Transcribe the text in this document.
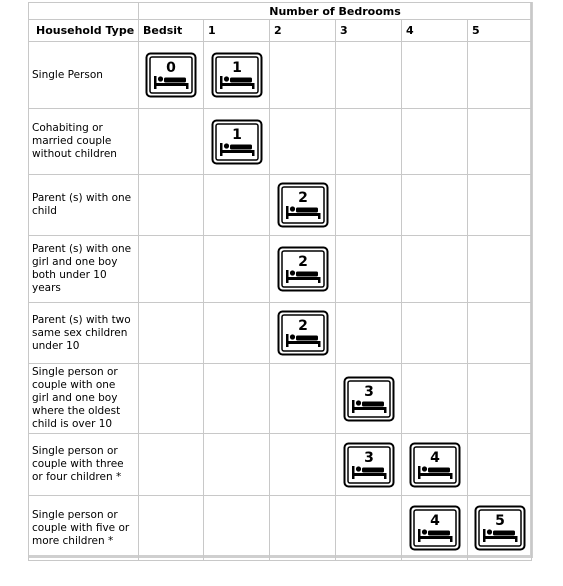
	Number of Bedrooms					
Household Type	Bedsit	1	2	3	4	5
Single Person	0	1				

Cohabiting or married couple without children		1				

Parent (s) with one child			2			

Parent (s) with one girl and one boy both under 10 years			2			

Parent (s) with two same sex children under 10			2			

Single person or couple with one girl and one boy where the oldest child is over 10				3		

Single person or couple with three or four children *				3	4	

Single person or couple with five or more children *					4	5
